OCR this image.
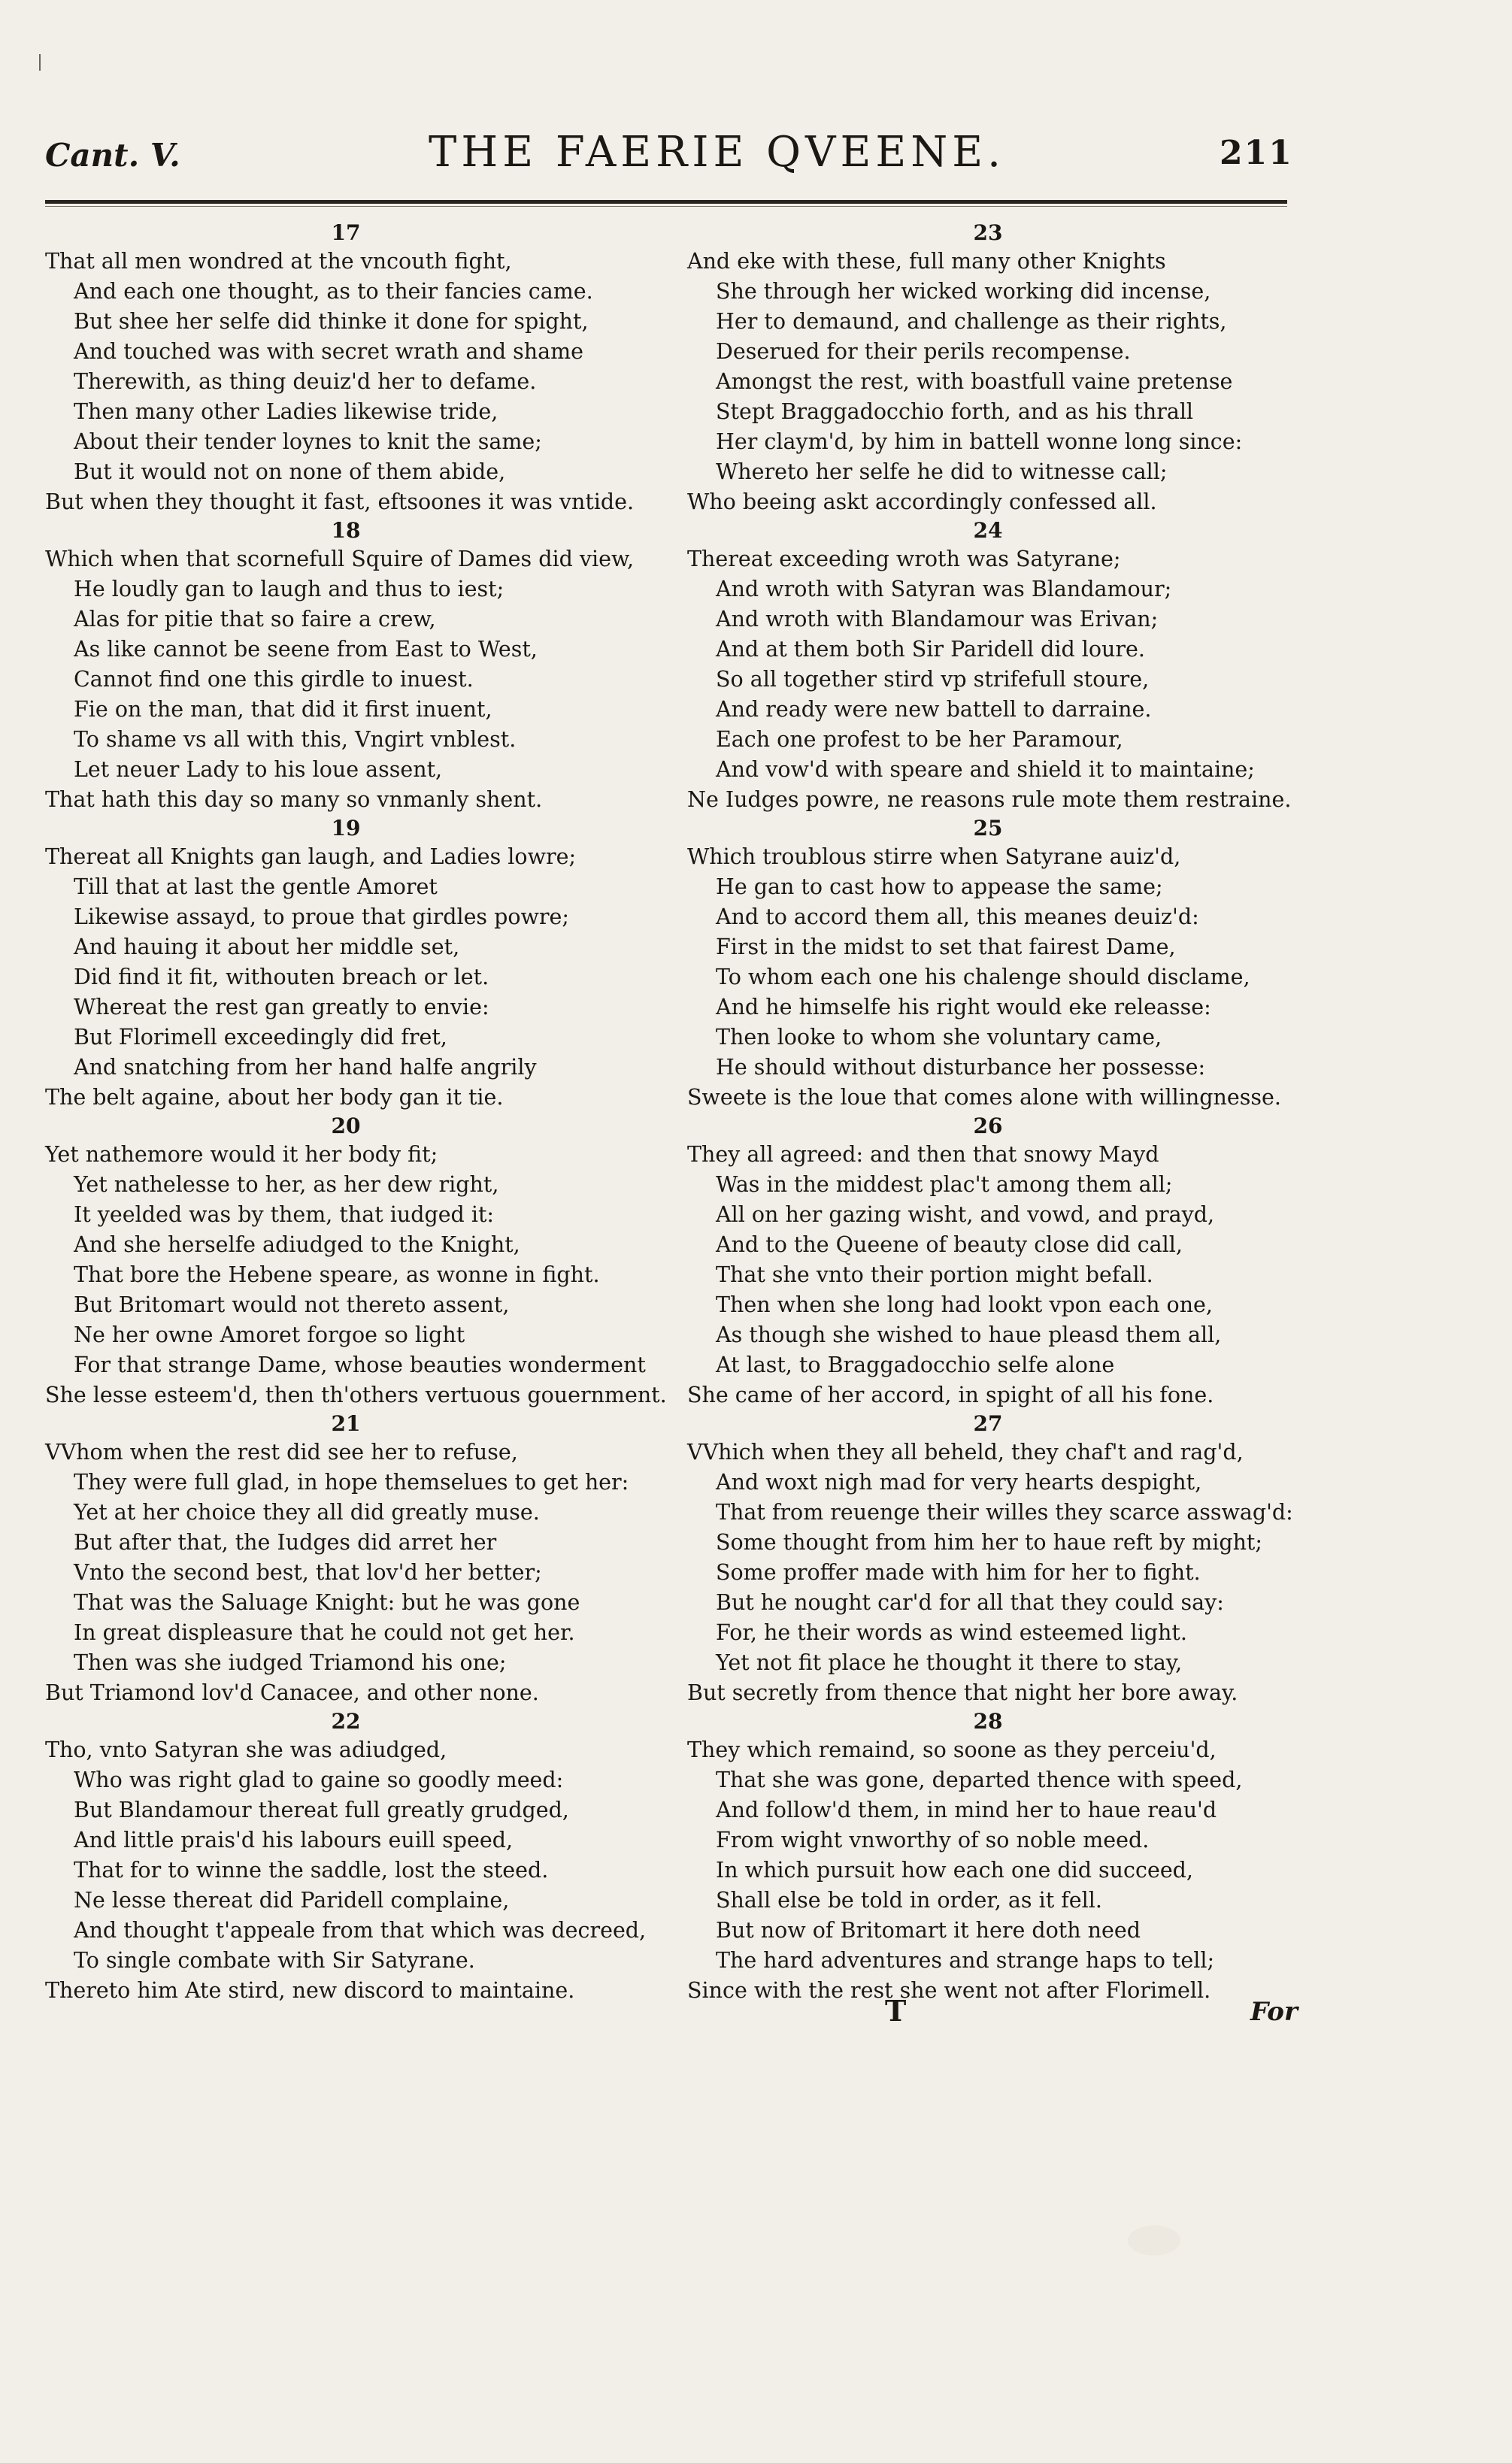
Cant. V.	THE FAERIE QVEENE.	211
17
That all men wondred at the vncouth fight,
And each one thought, as to their fancies came.
But shee her selfe did thinke it done for spight,
And touched was with secret wrath and shame
Therewith, as thing deuiz'd her to defame.
Then many other Ladies likewise tride,
About their tender loynes to knit the same;
But it would not on none of them abide,
But when they thought it fast, eftsoones it was vntide.
18
Which when that scornefull Squire of Dames did view,
He loudly gan to laugh and thus to iest;
Alas for pitie that so faire a crew,
As like cannot be seene from East to West,
Cannot find one this girdle to inuest.
Fie on the man, that did it first inuent,
To shame vs all with this, Vngirt vnblest.
Let neuer Lady to his loue assent,
That hath this day so many so vnmanly shent.
19
Thereat all Knights gan laugh, and Ladies lowre;
Till that at last the gentle Amoret
Likewise assayd, to proue that girdles powre;
And hauing it about her middle set,
Did find it fit, withouten breach or let.
Whereat the rest gan greatly to envie:
But Florimell exceedingly did fret,
And snatching from her hand halfe angrily
The belt againe, about her body gan it tie.
20
Yet nathemore would it her body fit;
Yet nathelesse to her, as her dew right,
It yeelded was by them, that iudged it:
And she herselfe adiudged to the Knight,
That bore the Hebene speare, as wonne in fight.
But Britomart would not thereto assent,
Ne her owne Amoret forgoe so light
For that strange Dame, whose beauties wonderment
She lesse esteem'd, then th'others vertuous gouernment.
21
VVhom when the rest did see her to refuse,
They were full glad, in hope themselues to get her:
Yet at her choice they all did greatly muse.
But after that, the Iudges did arret her
Vnto the second best, that lov'd her better;
That was the Saluage Knight: but he was gone
In great displeasure that he could not get her.
Then was she iudged Triamond his one;
But Triamond lov'd Canacee, and other none.
22
Tho, vnto Satyran she was adiudged,
Who was right glad to gaine so goodly meed:
But Blandamour thereat full greatly grudged,
And little prais'd his labours euill speed,
That for to winne the saddle, lost the steed.
Ne lesse thereat did Paridell complaine,
And thought t'appeale from that which was decreed,
To single combate with Sir Satyrane.
Thereto him Ate stird, new discord to maintaine.
23
And eke with these, full many other Knights
She through her wicked working did incense,
Her to demaund, and challenge as their rights,
Deserued for their perils recompense.
Amongst the rest, with boastfull vaine pretense
Stept Braggadocchio forth, and as his thrall
Her claym'd, by him in battell wonne long since:
Whereto her selfe he did to witnesse call;
Who beeing askt accordingly confessed all.
24
Thereat exceeding wroth was Satyrane;
And wroth with Satyran was Blandamour;
And wroth with Blandamour was Erivan;
And at them both Sir Paridell did loure.
So all together stird vp strifefull stoure,
And ready were new battell to darraine.
Each one profest to be her Paramour,
And vow'd with speare and shield it to maintaine;
Ne Iudges powre, ne reasons rule mote them restraine.
25
Which troublous stirre when Satyrane auiz'd,
He gan to cast how to appease the same;
And to accord them all, this meanes deuiz'd:
First in the midst to set that fairest Dame,
To whom each one his chalenge should disclame,
And he himselfe his right would eke releasse:
Then looke to whom she voluntary came,
He should without disturbance her possesse:
Sweete is the loue that comes alone with willingnesse.
26
They all agreed: and then that snowy Mayd
Was in the middest plac't among them all;
All on her gazing wisht, and vowd, and prayd,
And to the Queene of beauty close did call,
That she vnto their portion might befall.
Then when she long had lookt vpon each one,
As though she wished to haue pleasd them all,
At last, to Braggadocchio selfe alone
She came of her accord, in spight of all his fone.
27
VVhich when they all beheld, they chaf't and rag'd,
And woxt nigh mad for very hearts despight,
That from reuenge their willes they scarce asswag'd:
Some thought from him her to haue reft by might;
Some proffer made with him for her to fight.
But he nought car'd for all that they could say:
For, he their words as wind esteemed light.
Yet not fit place he thought it there to stay,
But secretly from thence that night her bore away.
28
They which remaind, so soone as they perceiu'd,
That she was gone, departed thence with speed,
And follow'd them, in mind her to haue reau'd
From wight vnworthy of so noble meed.
In which pursuit how each one did succeed,
Shall else be told in order, as it fell.
But now of Britomart it here doth need
The hard adventures and strange haps to tell;
Since with the rest she went not after Florimell.
T	For
